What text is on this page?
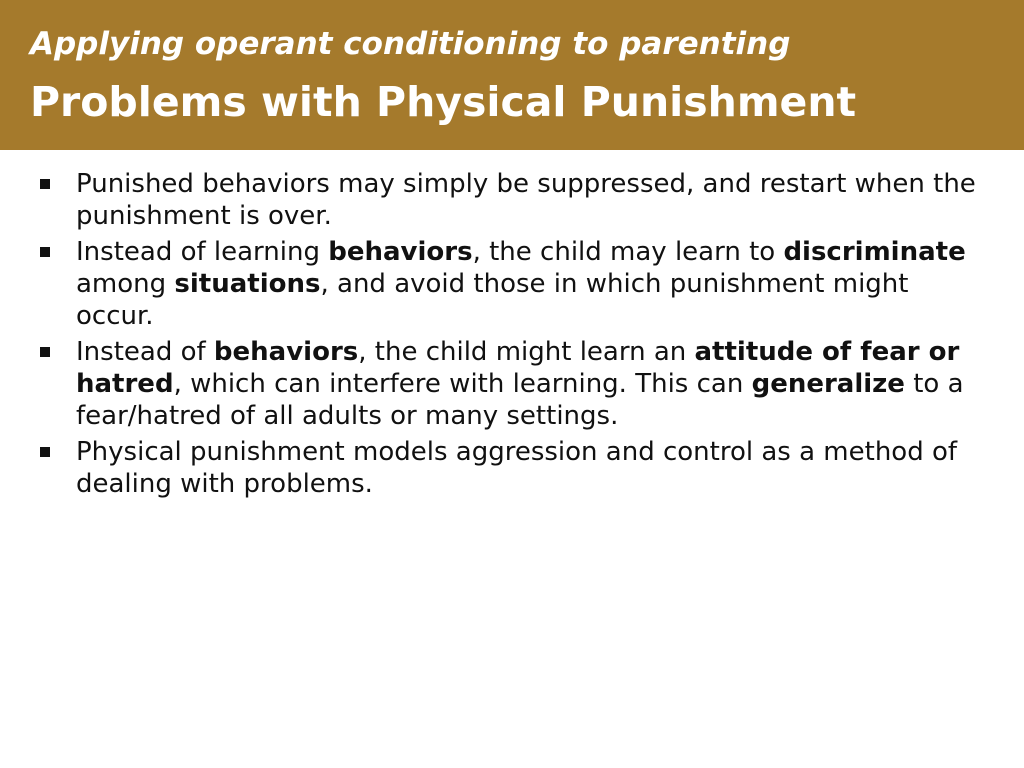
Applying operant conditioning to parenting
Problems with Physical Punishment
Punished behaviors may simply be suppressed, and restart when the punishment is over.
Instead of learning behaviors, the child may learn to discriminate among situations, and avoid those in which punishment might occur.
Instead of behaviors, the child might learn an attitude of fear or hatred, which can interfere with learning. This can generalize to a fear/hatred of all adults or many settings.
Physical punishment models aggression and control as a method of dealing with problems.
